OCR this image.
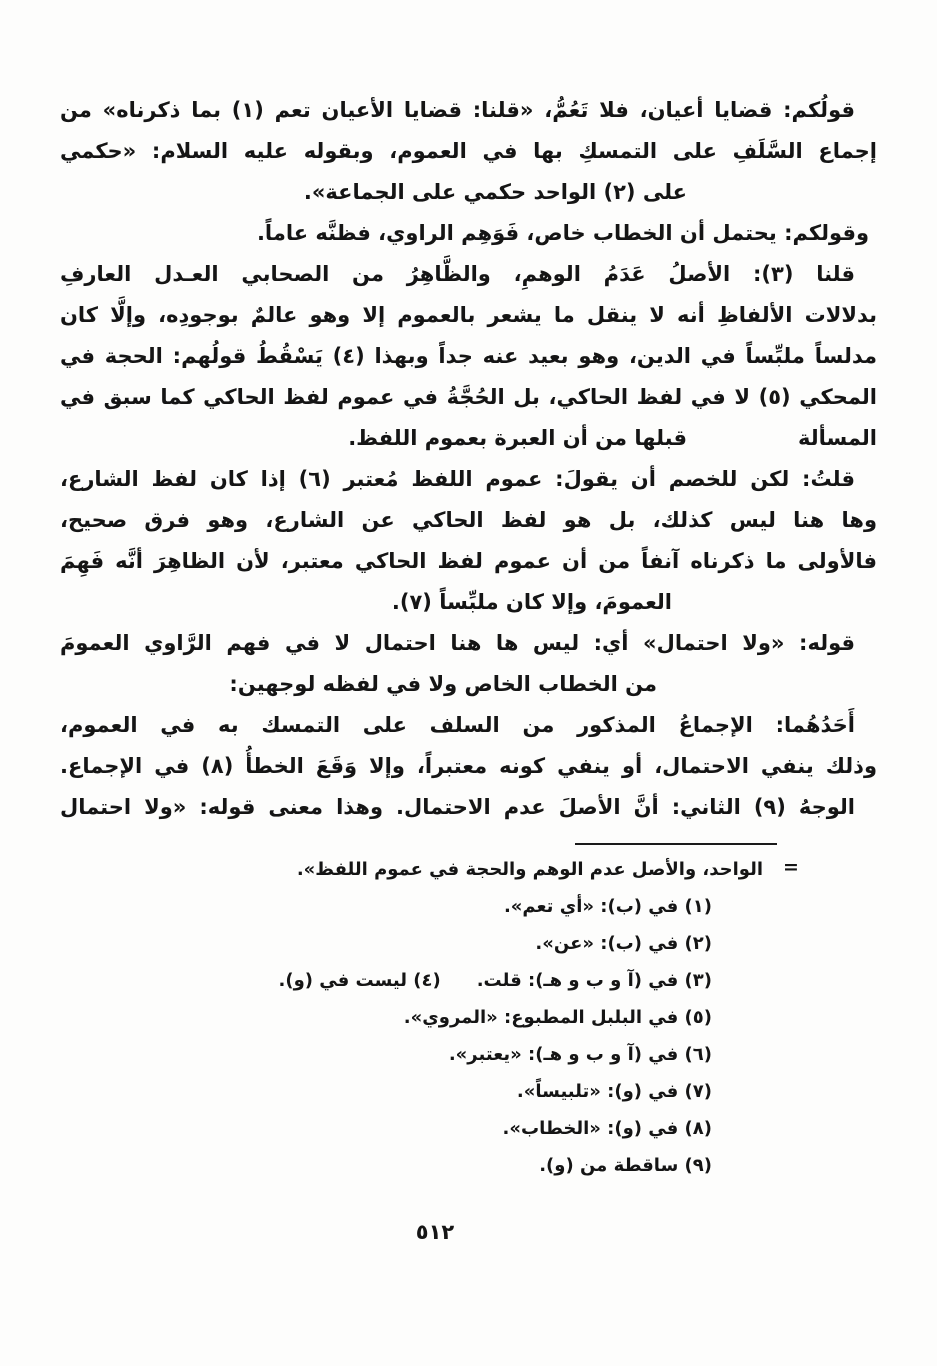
قولُكم: قضايا أعيان، فلا تَعُمُّ، «قلنا: قضايا الأعيان تعم (١) بما ذكرناه» من
إجماع السَّلَفِ على التمسكِ بها في العموم، وبقوله عليه السلام: «حكمي
على (٢) الواحد حكمي على الجماعة».
وقولكم: يحتمل أن الخطاب خاص، فَوَهِم الراوي، فظنَّه عاماً.
قلنا (٣): الأصلُ عَدَمُ الوهمِ، والظَّاهِرُ من الصحابي العـدل العارفِ
بدلالات الألفاظِ أنه لا ينقل ما يشعر بالعموم إلا وهو عالمٌ بوجودِه، وإلَّا كان
مدلساً ملبِّساً في الدين، وهو بعيد عنه جداً وبهذا (٤) يَسْقُطُ قولُهم: الحجة في
المحكي (٥) لا في لفظ الحاكي، بل الحُجَّةُ في عموم لفظ الحاكي كما سبق في المسألة
قبلها من أن العبرة بعموم اللفظ.
قلتُ: لكن للخصم أن يقولَ: عموم اللفظ مُعتبر (٦) إذا كان لفظ الشارع،
وها هنا ليس كذلك، بل هو لفظ الحاكي عن الشارع، وهو فرق صحيح،
فالأولى ما ذكرناه آنفاً من أن عموم لفظ الحاكي معتبر، لأن الظاهِرَ أنَّه فَهِمَ
العمومَ، وإلا كان ملبِّساً (٧).
قوله: «ولا احتمال» أي: ليس ها هنا احتمال لا في فهم الرَّاوي العمومَ
من الخطاب الخاص ولا في لفظه لوجهين:
أَحَدُهُما: الإجماعُ المذكور من السلف على التمسك به في العموم،
وذلك ينفي الاحتمال، أو ينفي كونه معتبراً، وإلا وَقَعَ الخطأُ (٨) في الإجماع.
الوجهُ (٩) الثاني: أنَّ الأصلَ عدم الاحتمال. وهذا معنى قوله: «ولا احتمال
=
الواحد، والأصل عدم الوهم والحجة في عموم اللفظ».
(١) في (ب): «أي تعم».
(٢) في (ب): «عن».
(٣) في (آ و ب و هـ): قلت.(٤) ليست في (و).
(٥) في البلبل المطبوع: «المروي».
(٦) في (آ و ب و هـ): «يعتبر».
(٧) في (و): «تلبيساً».
(٨) في (و): «الخطاب».
(٩) ساقطة من (و).
٥١٢
